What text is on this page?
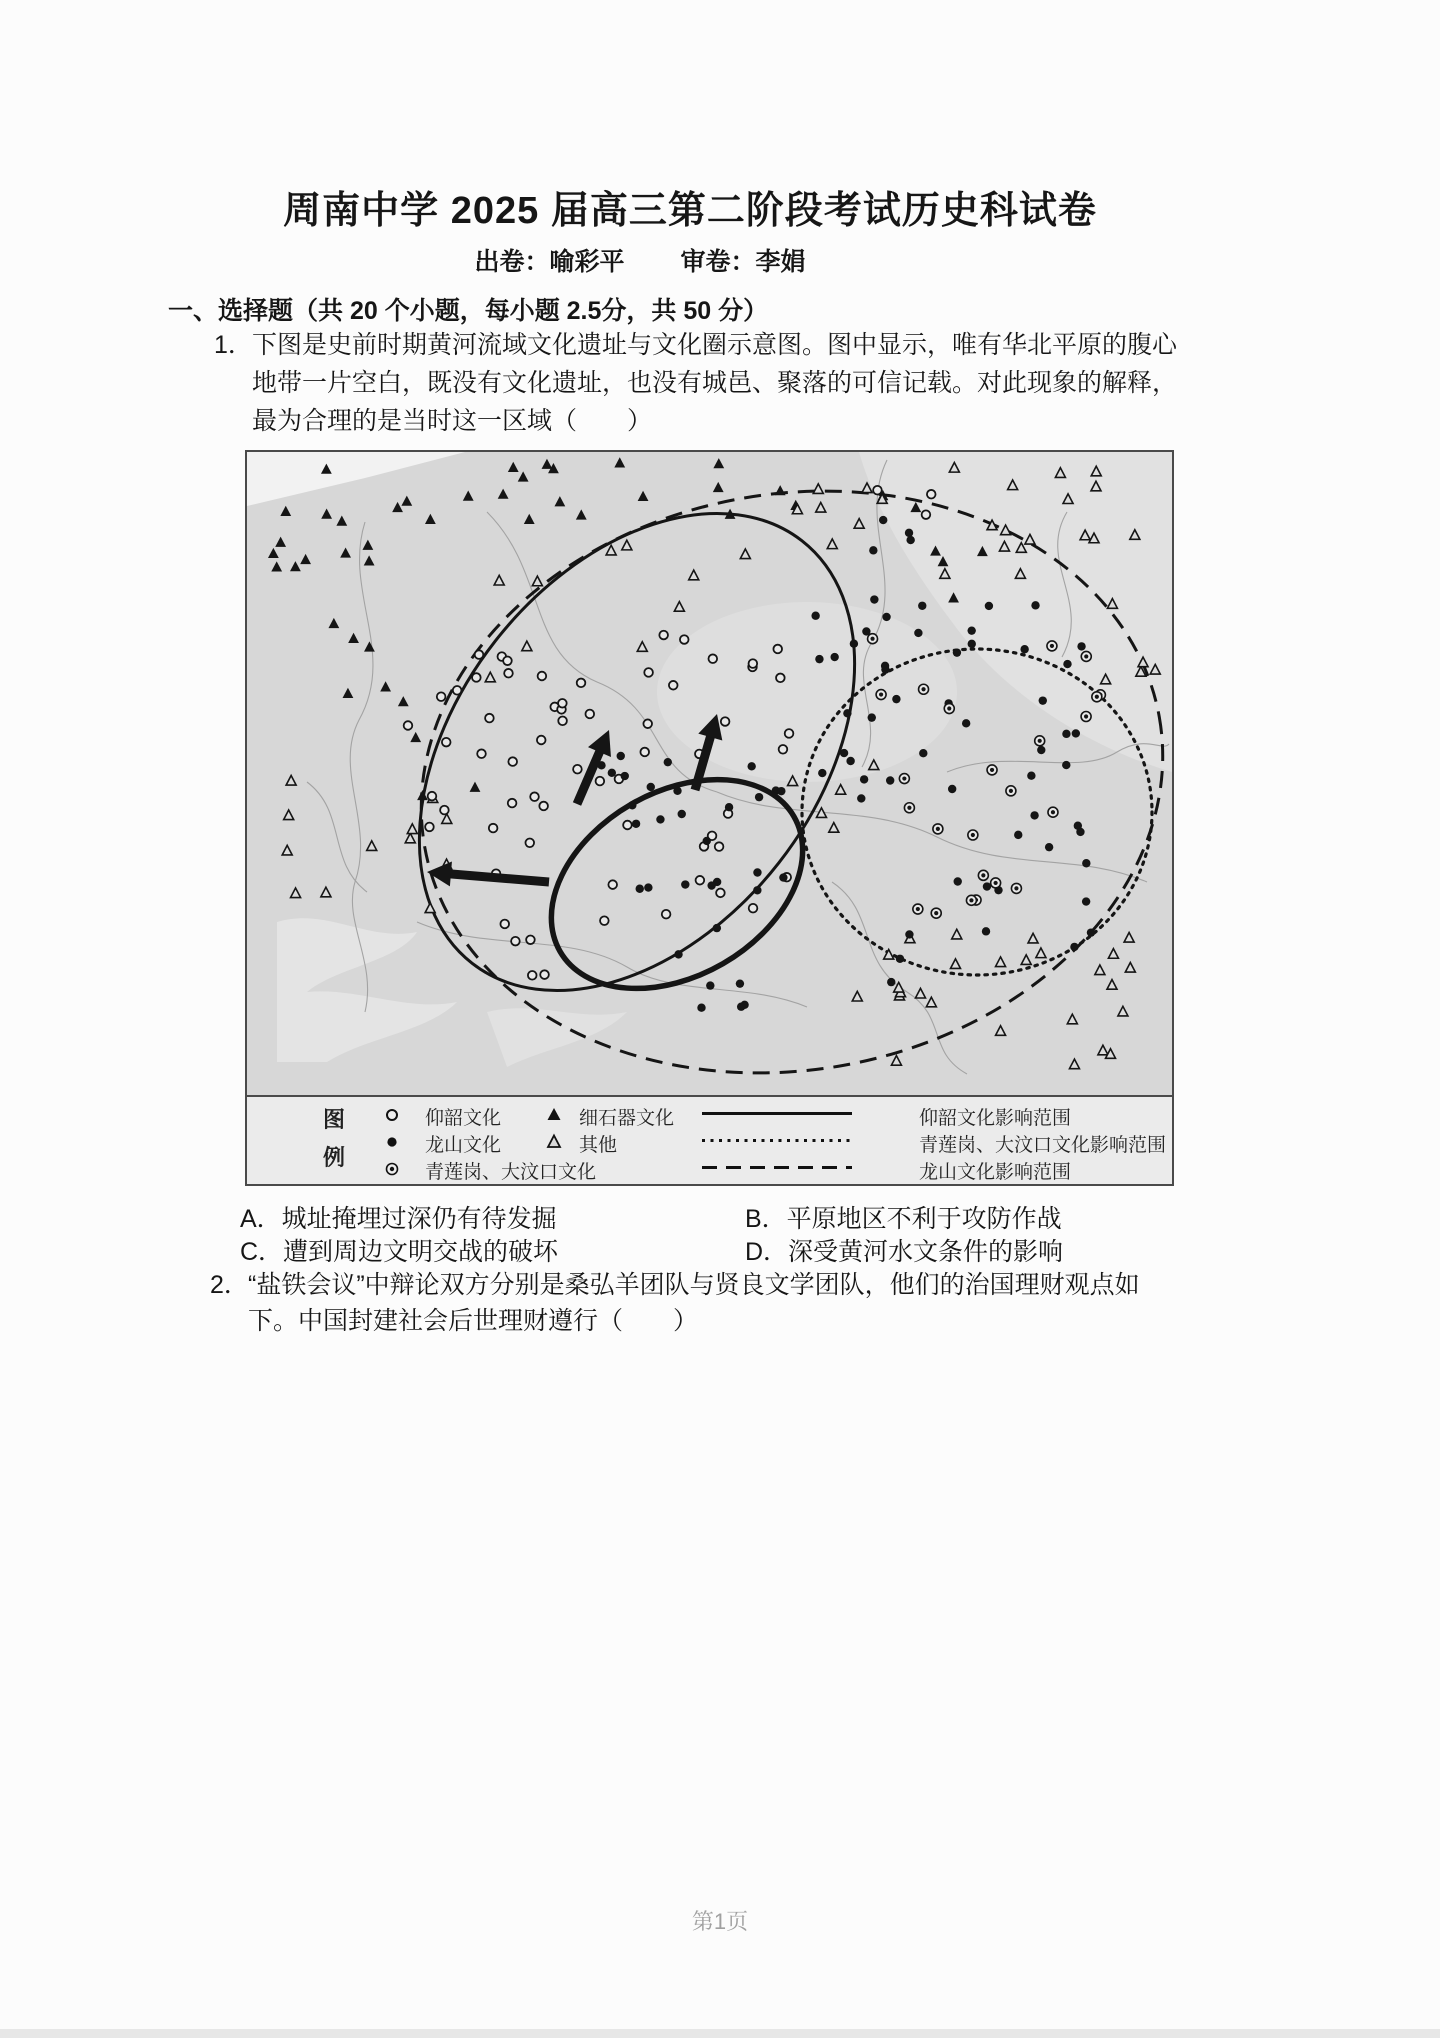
周南中学 2025 届高三第二阶段考试历史科试卷
出卷：喻彩平 审卷：李娟
一、选择题（共 20 个小题，每小题 2.5分，共 50 分）
1． 下图是史前时期黄河流域文化遗址与文化圈示意图。图中显示，唯有华北平原的腹心
地带一片空白，既没有文化遗址，也没有城邑、聚落的可信记载。对此现象的解释，
最为合理的是当时这一区域（　　）
图
例
仰韶文化
龙山文化
青莲岗、大汶口文化
细石器文化
其他
仰韶文化影响范围
青莲岗、大汶口文化影响范围
龙山文化影响范围
A．城址掩埋过深仍有待发掘	B．平原地区不利于攻防作战
C．遭到周边文明交战的破坏	D．深受黄河水文条件的影响
2． “盐铁会议”中辩论双方分别是桑弘羊团队与贤良文学团队，他们的治国理财观点如
下。中国封建社会后世理财遵行（　　）
第1页
